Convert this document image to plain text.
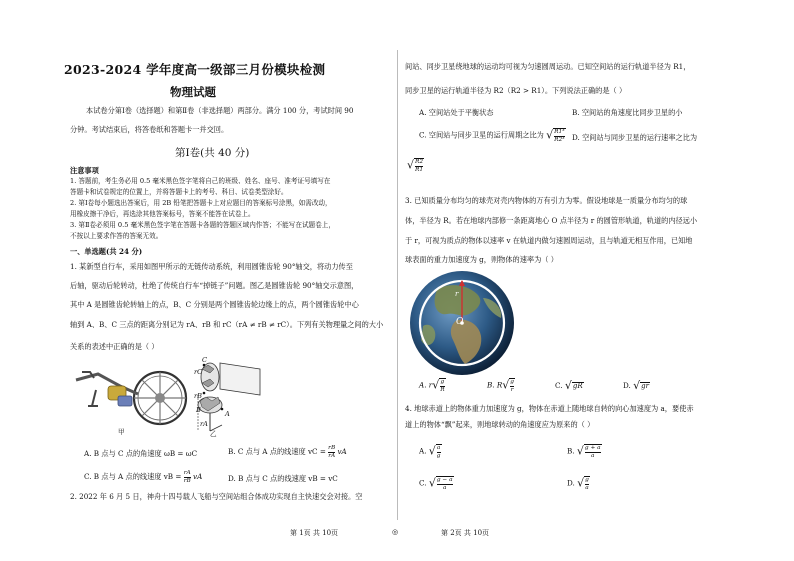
2023-2024 学年度高一级部三月份模块检测
物理试题
本试卷分第Ⅰ卷（选择题）和第Ⅱ卷（非选择题）两部分。满分 100 分，考试时间 90
分钟。考试结束后，将答卷纸和答题卡一并交回。
第Ⅰ卷(共 40 分)
注意事项
1. 答题前，考生务必用 0.5 毫米黑色签字笔将自己的班级、姓名、座号、准考证号填写在
答题卡和试卷规定的位置上，并将答题卡上的考号、科目、试卷类型涂好。
2. 第Ⅰ卷每小题选出答案后，用 2B 铅笔把答题卡上对应题目的答案标号涂黑，如需改动，
用橡皮擦干净后，再选涂其他答案标号，答案不能答在试卷上。
3. 第Ⅱ卷必须用 0.5 毫米黑色签字笔在答题卡各题的答题区域内作答；不能写在试题卷上，
不按以上要求作答的答案无效。
一、单选题(共 24 分)
1. 某新型自行车，采用如图甲所示的无链传动系统，利用圆锥齿轮 90°轴交，将动力传至
后轴，驱动后轮转动，杜绝了传统自行车“掉链子”问题。图乙是圆锥齿轮 90°轴交示意图，
其中 A 是圆锥齿轮转轴上的点，B、C 分别是两个圆锥齿轮边缘上的点，两个圆锥齿轮中心
轴到 A、B、C 三点的距离分别记为 rA、rB 和 rC（rA ≠ rB ≠ rC）。下列有关物理量之间的大小
关系的表述中正确的是（ ）
甲
C
rC
rB
B	A
rA
乙
A. B 点与 C 点的角速度 ωB = ωC	B. C 点与 A 点的线速度 vC = $\frac{rB}{rA}$ vA
C. B 点与 A 点的线速度 vB = $\frac{rA}{rB}$ vA	D. B 点与 C 点的线速度 vB = vC
2. 2022 年 6 月 5 日，神舟十四号载人飞船与空间站组合体成功实现自主快速交会对接。空
第 1页 共 10页	◎
间站、同步卫星绕地球的运动均可视为匀速圆周运动。已知空间站的运行轨道半径为 R1，
同步卫星的运行轨道半径为 R2（R2 > R1）。下列说法正确的是（ ）
A. 空间站处于平衡状态	B. 空间站的角速度比同步卫星的小
C. 空间站与同步卫星的运行周期之比为 √ $\frac{\text{R1³}}{\text{R2³}} D$. 空间站与同步卫星的运行速率之比为
√ $\frac{R2}{R1}$
3. 已知质量分布均匀的球壳对壳内物体的万有引力为零。假设地球是一质量分布均匀的球
体，半径为 R。若在地球内部修一条距离地心 O 点半径为 r 的圆管形轨道，轨道的内径远小
于 r，可视为质点的物体以速率 v 在轨道内做匀速圆周运动，且与轨道无相互作用，已知地
球表面的重力加速度为 g，则物体的速率为（ ）
O
r
A. $r√ \frac{g}{R}$	B. $R√ \frac{g}{r}$	C. √gR	D. √gr
4. 地球赤道上的物体重力加速度为 g，物体在赤道上随地球自转的向心加速度为 a，要使赤
道上的物体“飘”起来，则地球转动的角速度应为原来的（ ）
A. √ $\frac{a}{g}$	B. √ $\frac{g + a}{a}$
C. √ $\frac{g - a}{a}$	D. √ $\frac{g}{a}$
第 2页 共 10页
